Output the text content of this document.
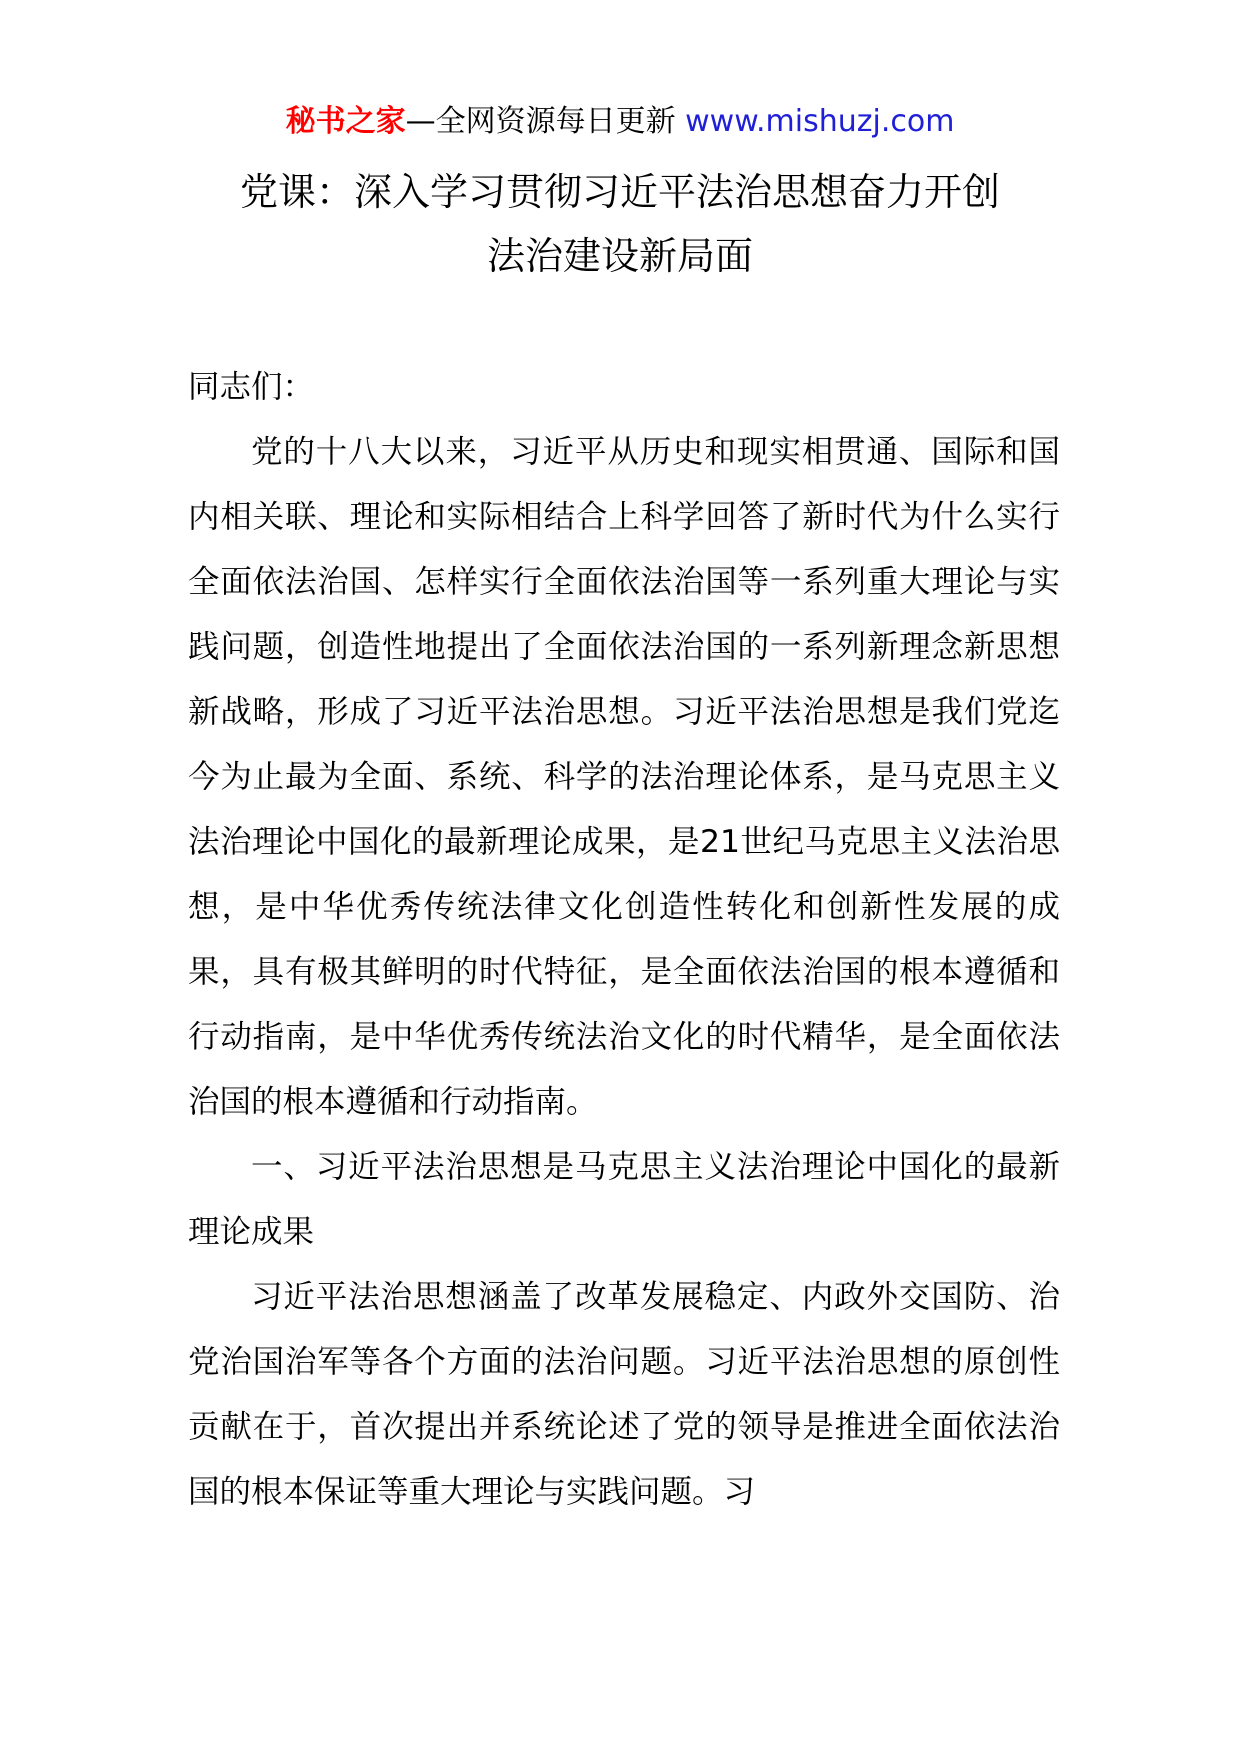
秘书之家—全网资源每日更新 www.mishuzj.com
党课：深入学习贯彻习近平法治思想奋力开创
法治建设新局面

同志们：

党的十八大以来，习近平从历史和现实相贯通、国际和国内相关联、理论和实际相结合上科学回答了新时代为什么实行全面依法治国、怎样实行全面依法治国等一系列重大理论与实践问题，创造性地提出了全面依法治国的一系列新理念新思想新战略，形成了习近平法治思想。习近平法治思想是我们党迄今为止最为全面、系统、科学的法治理论体系，是马克思主义法治理论中国化的最新理论成果，是21世纪马克思主义法治思想，是中华优秀传统法律文化创造性转化和创新性发展的成果，具有极其鲜明的时代特征，是全面依法治国的根本遵循和行动指南，是中华优秀传统法治文化的时代精华，是全面依法治国的根本遵循和行动指南。

一、习近平法治思想是马克思主义法治理论中国化的最新理论成果

习近平法治思想涵盖了改革发展稳定、内政外交国防、治党治国治军等各个方面的法治问题。习近平法治思想的原创性贡献在于，首次提出并系统论述了党的领导是推进全面依法治国的根本保证等重大理论与实践问题。习
